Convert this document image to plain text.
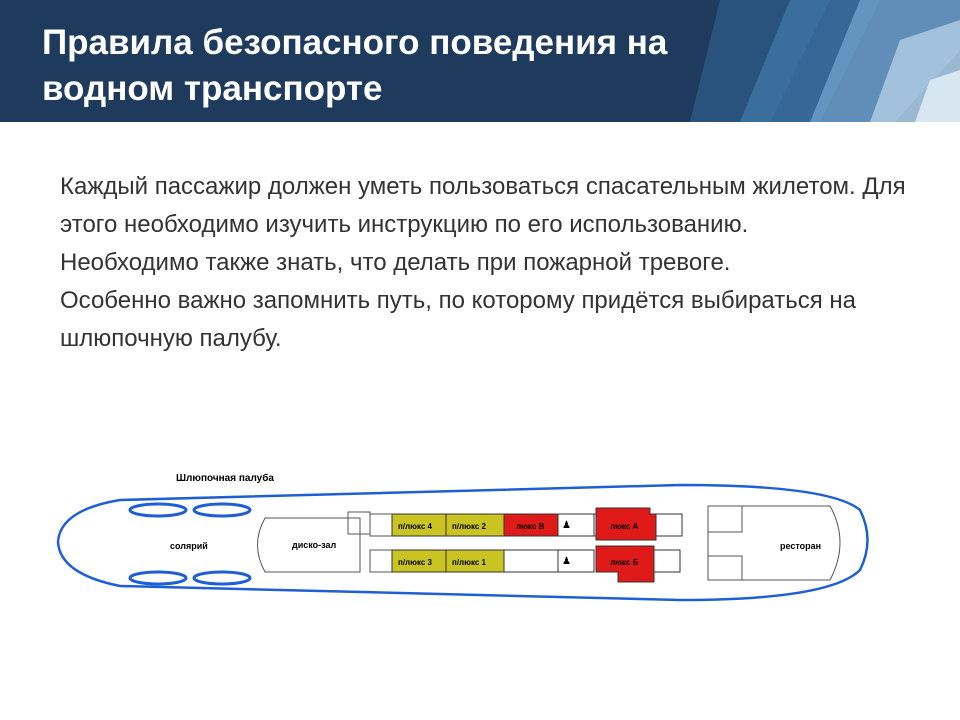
Правила безопасного поведения на водном транспорте

Каждый пассажир должен уметь пользоваться спасательным жилетом. Для этого необходимо изучить инструкцию по его использованию.

Необходимо также знать, что делать при пожарной тревоге.

Особенно важно запомнить путь, по которому придётся выбираться на шлюпочную палубу.

Шлюпочная палуба
солярий	диско-зал
п/люкс 4	п/люкс 2	люкс В ♟	люкс А
п/люкс 3	п/люкс 1	♟	люкс Б
ресторан
